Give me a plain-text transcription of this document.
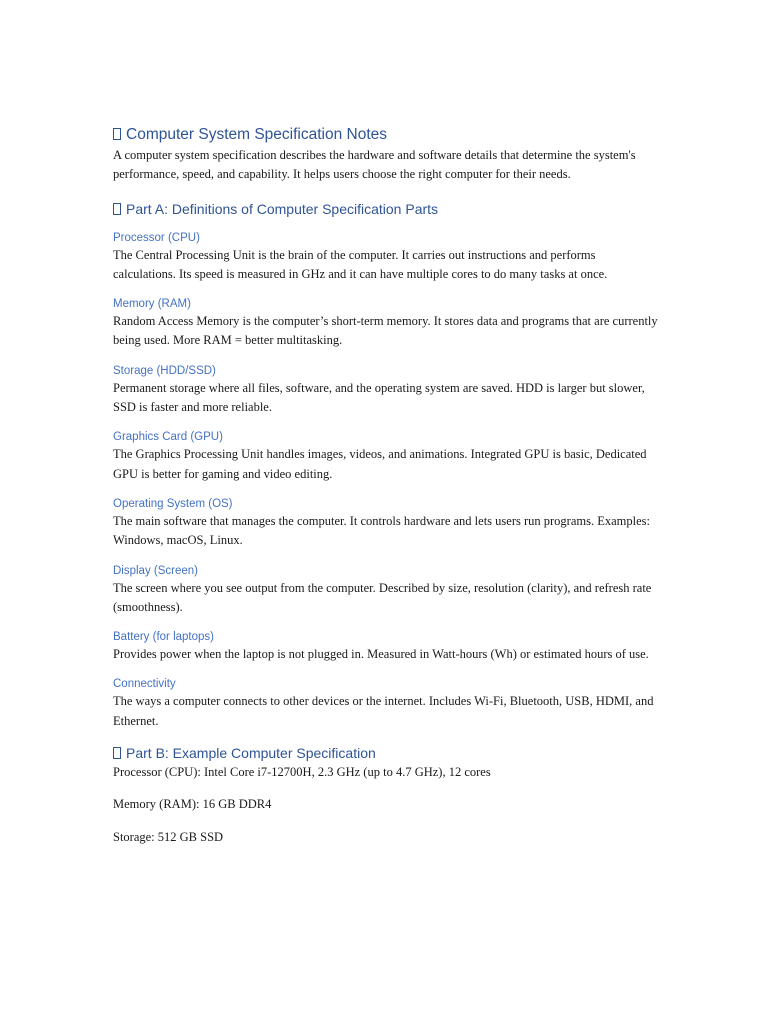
Computer System Specification Notes

A computer system specification describes the hardware and software details that determine the system's performance, speed, and capability. It helps users choose the right computer for their needs.

Part A: Definitions of Computer Specification Parts
Processor (CPU)

The Central Processing Unit is the brain of the computer. It carries out instructions and performs calculations. Its speed is measured in GHz and it can have multiple cores to do many tasks at once.

Memory (RAM)

Random Access Memory is the computer’s short-term memory. It stores data and programs that are currently being used. More RAM = better multitasking.

Storage (HDD/SSD)

Permanent storage where all files, software, and the operating system are saved. HDD is larger but slower, SSD is faster and more reliable.

Graphics Card (GPU)

The Graphics Processing Unit handles images, videos, and animations. Integrated GPU is basic, Dedicated GPU is better for gaming and video editing.

Operating System (OS)

The main software that manages the computer. It controls hardware and lets users run programs. Examples: Windows, macOS, Linux.

Display (Screen)

The screen where you see output from the computer. Described by size, resolution (clarity), and refresh rate (smoothness).

Battery (for laptops)

Provides power when the laptop is not plugged in. Measured in Watt-hours (Wh) or estimated hours of use.

Connectivity

The ways a computer connects to other devices or the internet. Includes Wi-Fi, Bluetooth, USB, HDMI, and Ethernet.

Part B: Example Computer Specification

Processor (CPU): Intel Core i7-12700H, 2.3 GHz (up to 4.7 GHz), 12 cores

Memory (RAM): 16 GB DDR4

Storage: 512 GB SSD
